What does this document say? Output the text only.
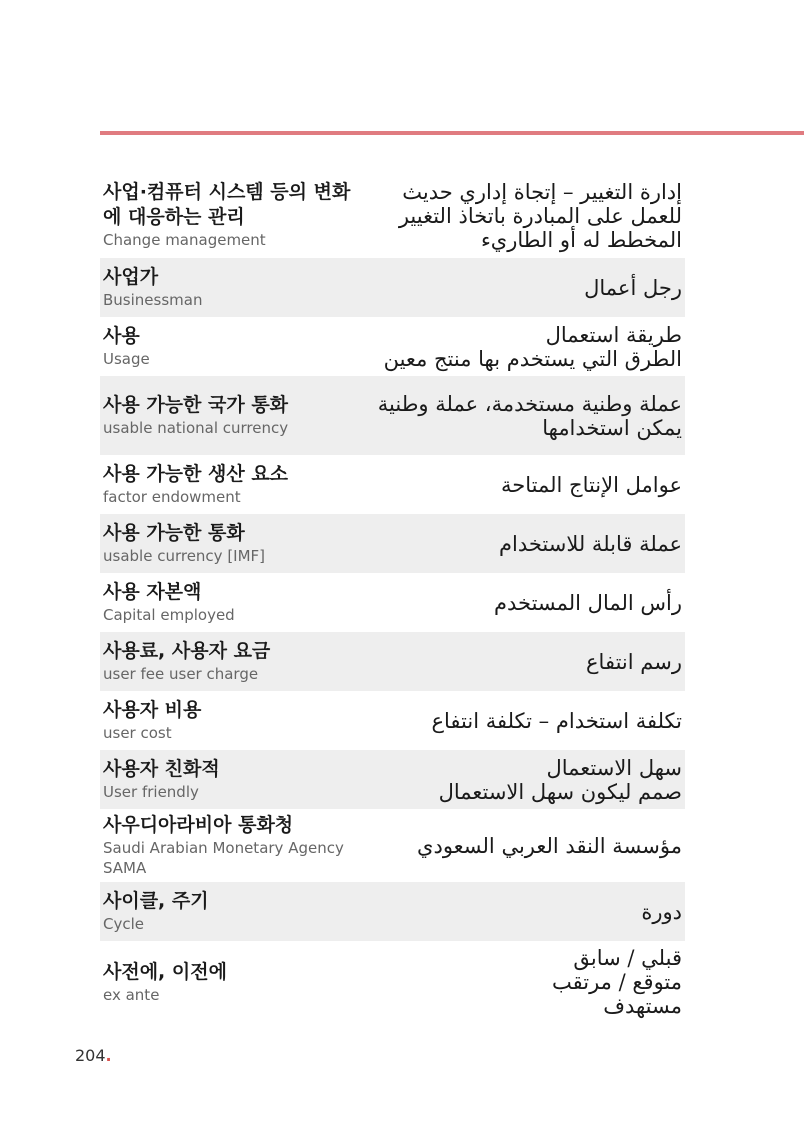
사업·컴퓨터 시스템 등의 변화
에 대응하는 관리
Change management
إدارة التغيير – إتجاة إداري حديث
للعمل على المبادرة باتخاذ التغيير
المخطط له أو الطاريء
사업가
Businessman
رجل أعمال
사용
Usage
طريقة استعمال
الطرق التي يستخدم بها منتج معين
사용 가능한 국가 통화
usable national currency
عملة وطنية مستخدمة، عملة وطنية
يمكن استخدامها
사용 가능한 생산 요소
factor endowment
عوامل الإنتاج المتاحة
사용 가능한 통화
usable currency [IMF]
عملة قابلة للاستخدام
사용 자본액
Capital employed
رأس المال المستخدم
사용료, 사용자 요금
user fee user charge
رسم انتفاع
사용자 비용
user cost
تكلفة استخدام – تكلفة انتفاع
사용자 친화적
User friendly
سهل الاستعمال
صمم ليكون سهل الاستعمال
사우디아라비아 통화청
Saudi Arabian Monetary Agency
SAMA
مؤسسة النقد العربي السعودي
사이클, 주기
Cycle
دورة
사전에, 이전에
ex ante
قبلي / سابق
متوقع / مرتقب
مستهدف
204.
